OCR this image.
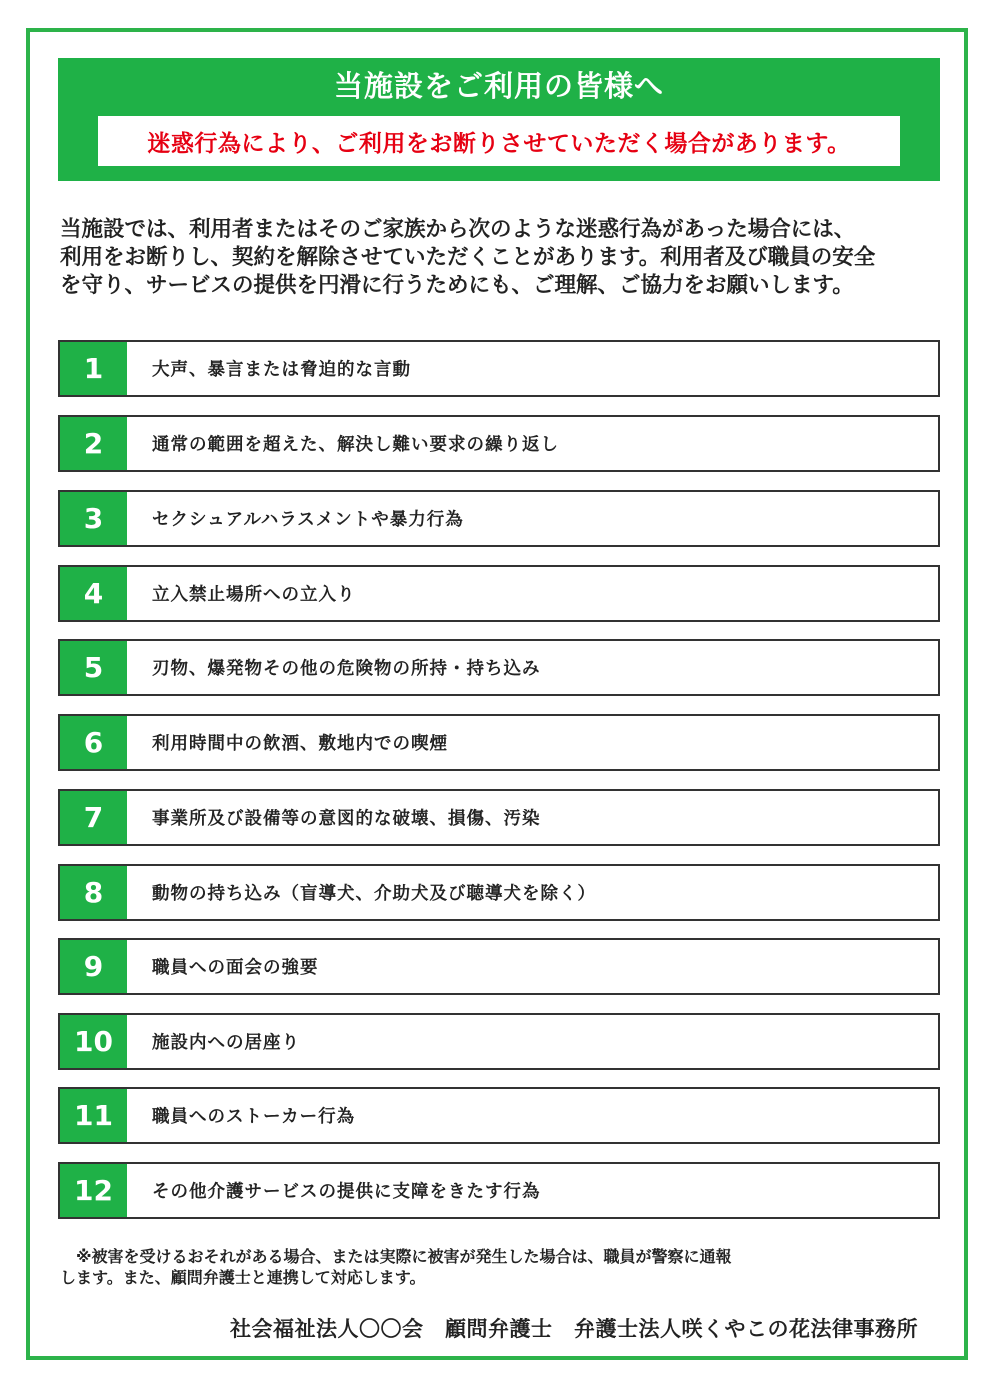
当施設をご利用の皆様へ
迷惑行為により、ご利用をお断りさせていただく場合があります。
当施設では、利用者またはそのご家族から次のような迷惑行為があった場合には、
利用をお断りし、契約を解除させていただくことがあります。利用者及び職員の安全
を守り、サービスの提供を円滑に行うためにも、ご理解、ご協力をお願いします。
1	大声、暴言または脅迫的な言動
2	通常の範囲を超えた、解決し難い要求の繰り返し
3	セクシュアルハラスメントや暴力行為
4	立入禁止場所への立入り
5	刃物、爆発物その他の危険物の所持・持ち込み
6	利用時間中の飲酒、敷地内での喫煙
7	事業所及び設備等の意図的な破壊、損傷、汚染
8	動物の持ち込み（盲導犬、介助犬及び聴導犬を除く）
9	職員への面会の強要
10	施設内への居座り
11	職員へのストーカー行為
12	その他介護サービスの提供に支障をきたす行為
　※被害を受けるおそれがある場合、または実際に被害が発生した場合は、職員が警察に通報
します。また、顧問弁護士と連携して対応します。
社会福祉法人〇〇会　顧問弁護士　弁護士法人咲くやこの花法律事務所
